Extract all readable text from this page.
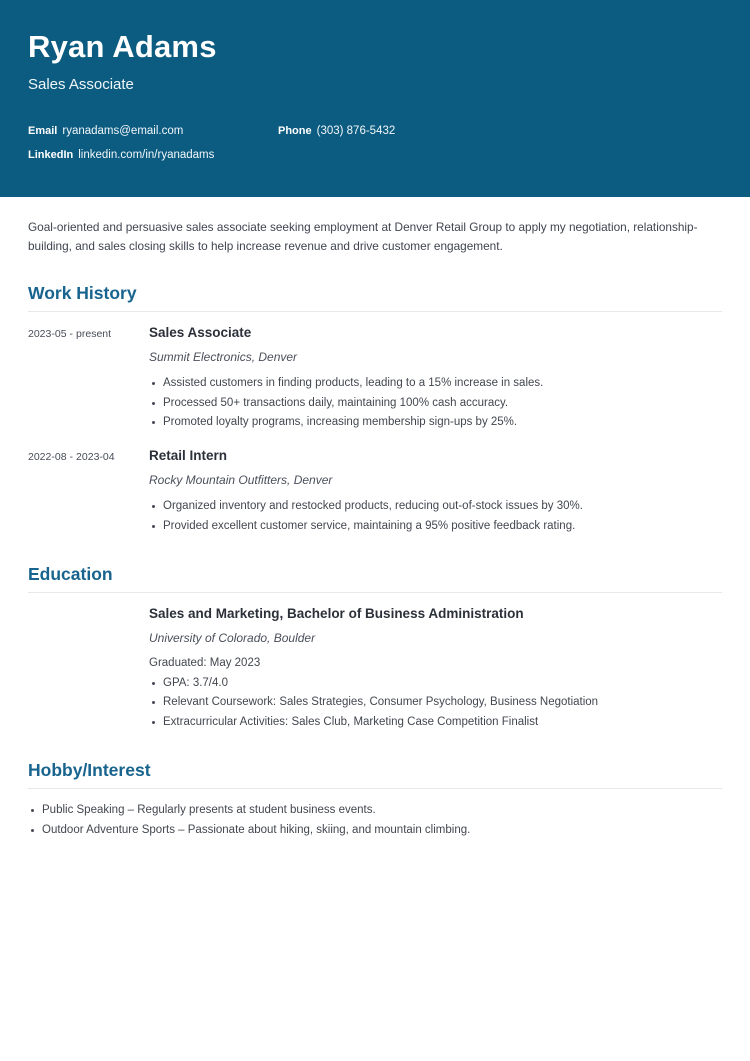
Ryan Adams
Sales Associate
Email ryanadams@email.com	Phone (303) 876-5432
LinkedIn linkedin.com/in/ryanadams

Goal-oriented and persuasive sales associate seeking employment at Denver Retail Group to apply my negotiation, relationship-building, and sales closing skills to help increase revenue and drive customer engagement.

Work History
2023-05 - present	Sales Associate
Summit Electronics, Denver
Assisted customers in finding products, leading to a 15% increase in sales.
Processed 50+ transactions daily, maintaining 100% cash accuracy.
Promoted loyalty programs, increasing membership sign-ups by 25%.
2022-08 - 2023-04	Retail Intern
Rocky Mountain Outfitters, Denver
Organized inventory and restocked products, reducing out-of-stock issues by 30%.
Provided excellent customer service, maintaining a 95% positive feedback rating.
Education
Sales and Marketing, Bachelor of Business Administration
University of Colorado, Boulder
Graduated: May 2023
GPA: 3.7/4.0
Relevant Coursework: Sales Strategies, Consumer Psychology, Business Negotiation
Extracurricular Activities: Sales Club, Marketing Case Competition Finalist
Hobby/Interest
Public Speaking – Regularly presents at student business events.
Outdoor Adventure Sports – Passionate about hiking, skiing, and mountain climbing.
